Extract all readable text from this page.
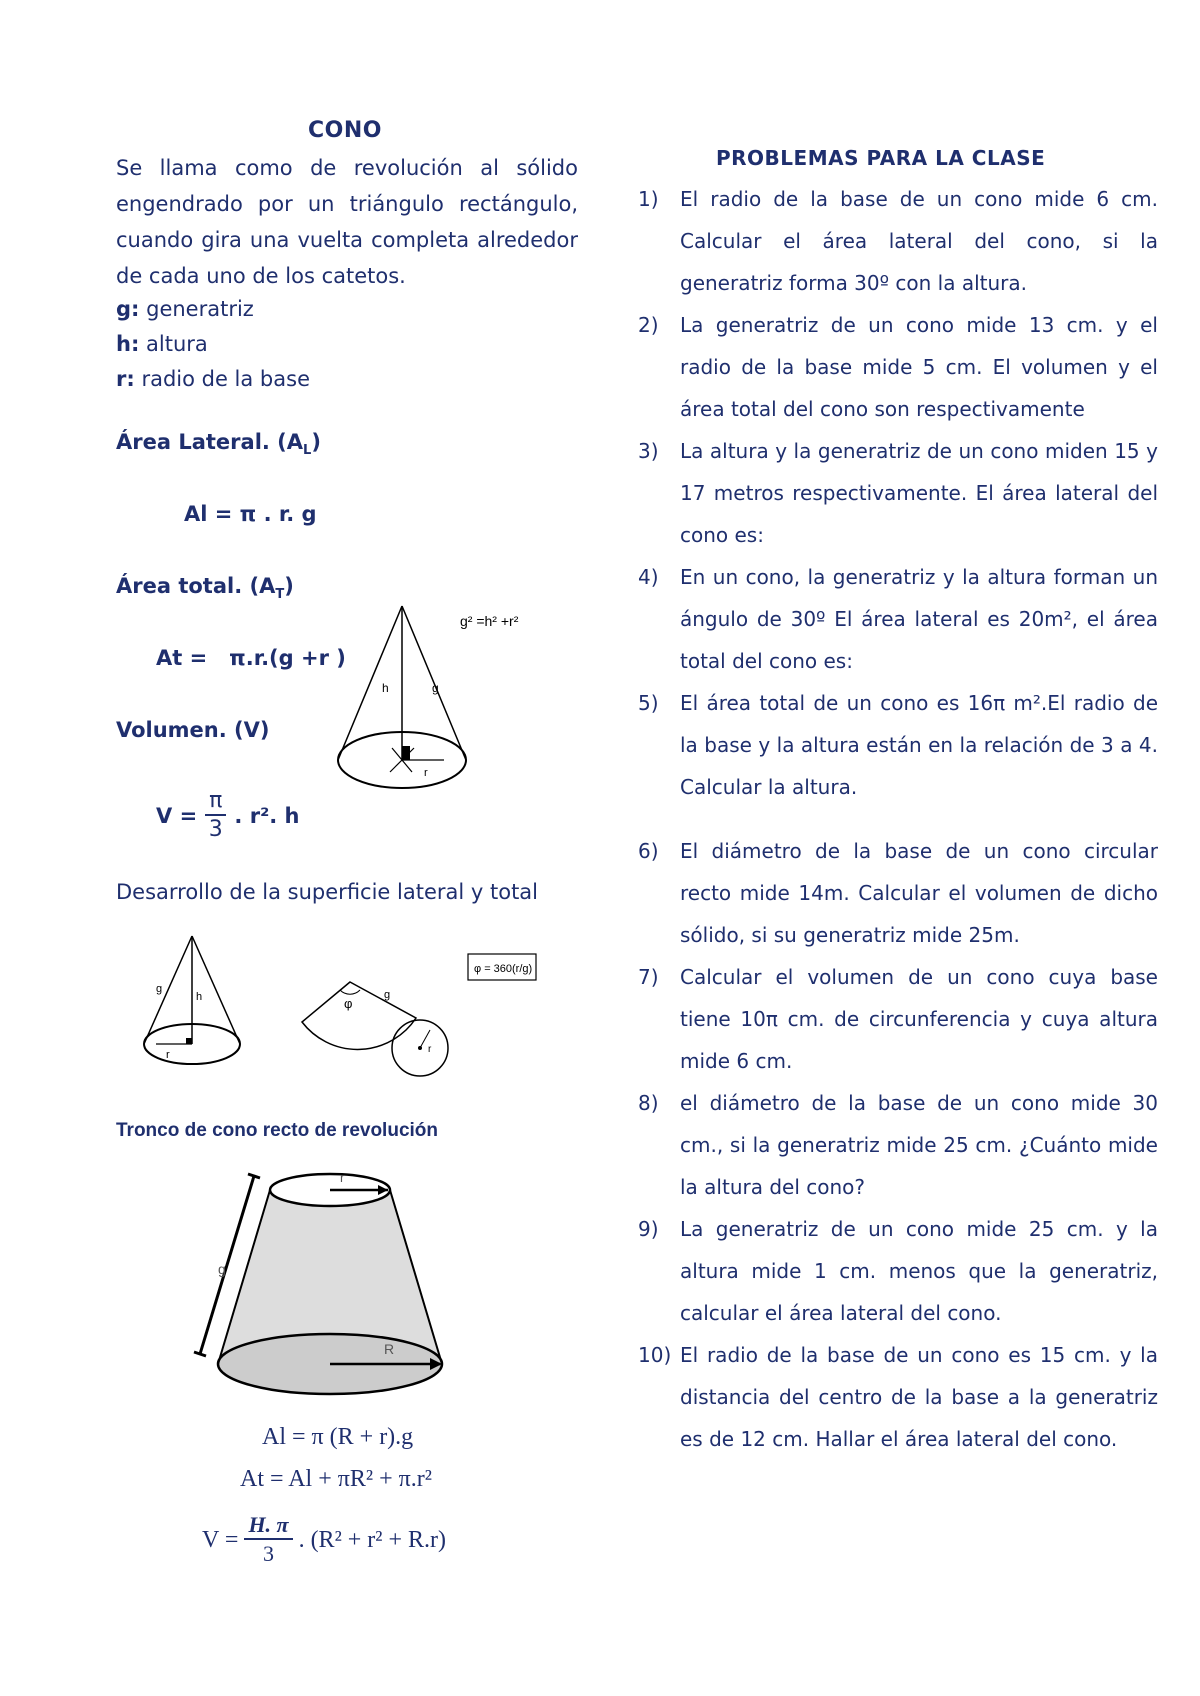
CONO
Se llama como de revolución al sólido engendrado por un triángulo rectángulo, cuando gira una vuelta completa alrededor de cada uno de los catetos.
g: generatriz
h: altura
r: radio de la base
Área Lateral. $(A_L)$
Al = π . r. g
Área total. $(A_T)$
At =   π.r.(g +r )
Volumen. (V)
$V = \frac{\pi}{3}$ . r². h
h	g
r
g² =h² +r²
Desarrollo de la superficie lateral y total
g
h
r
φ
g
r
φ = 360(r/g)
Tronco de cono recto de revolución
r
R
g
Al = π (R + r).g
At = Al + πR² + π.r²
$V = \frac{H. \pi}{3}$ . (R² + r² + R.r)
PROBLEMAS PARA LA CLASE
1)	El radio de la base de un cono mide 6 cm. Calcular el área lateral del cono, si la generatriz forma 30º con la altura.
2)	La generatriz de un cono mide 13 cm. y el radio de la base mide 5 cm. El volumen y el área total del cono son respectivamente
3)	La altura y la generatriz de un cono miden 15 y 17 metros respectivamente. El área lateral del cono es:
4)	En un cono, la generatriz y la altura forman un ángulo de 30º El área lateral es 20m², el área total del cono es:
5)	El área total de un cono es 16π m².El radio de la base y la altura están en la relación de 3 a 4. Calcular la altura.
6)	El diámetro de la base de un cono circular recto mide 14m. Calcular el volumen de dicho sólido, si su generatriz mide 25m.
7)	Calcular el volumen de un cono cuya base tiene 10π cm. de circunferencia y cuya altura mide 6 cm.
8)	el diámetro de la base de un cono mide 30 cm., si la generatriz mide 25 cm. ¿Cuánto mide la altura del cono?
9)	La generatriz de un cono mide 25 cm. y la altura mide 1 cm. menos que la generatriz, calcular el área lateral del cono.
10) El radio de la base de un cono es 15 cm. y la distancia del centro de la base a la generatriz es de 12 cm. Hallar el área lateral del cono.
